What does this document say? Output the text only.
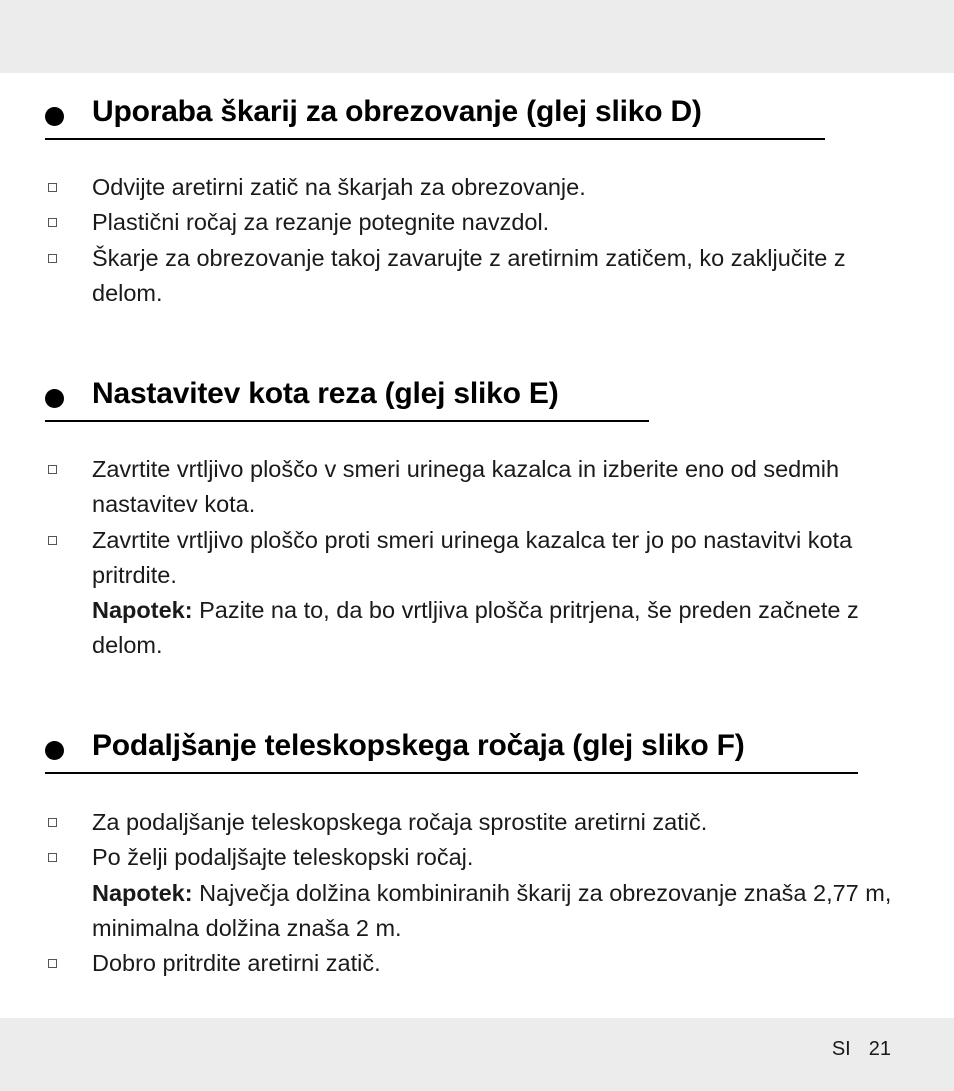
Uporaba škarij za obrezovanje (glej sliko D)
Odvijte aretirni zatič na škarjah za obrezovanje.
Plastični ročaj za rezanje potegnite navzdol.
Škarje za obrezovanje takoj zavarujte z aretirnim zatičem, ko zaključite z delom.
Nastavitev kota reza (glej sliko E)
Zavrtite vrtljivo ploščo v smeri urinega kazalca in izberite eno od sedmih nastavitev kota.
Zavrtite vrtljivo ploščo proti smeri urinega kazalca ter jo po nastavitvi kota pritrdite.
Napotek: Pazite na to, da bo vrtljiva plošča pritrjena, še preden začnete z delom.
Podaljšanje teleskopskega ročaja (glej sliko F)
Za podaljšanje teleskopskega ročaja sprostite aretirni zatič.
Po želji podaljšajte teleskopski ročaj.
Napotek: Največja dolžina kombiniranih škarij za obrezovanje znaša 2,77 m, minimalna dolžina znaša 2 m.
Dobro pritrdite aretirni zatič.
SI 21
